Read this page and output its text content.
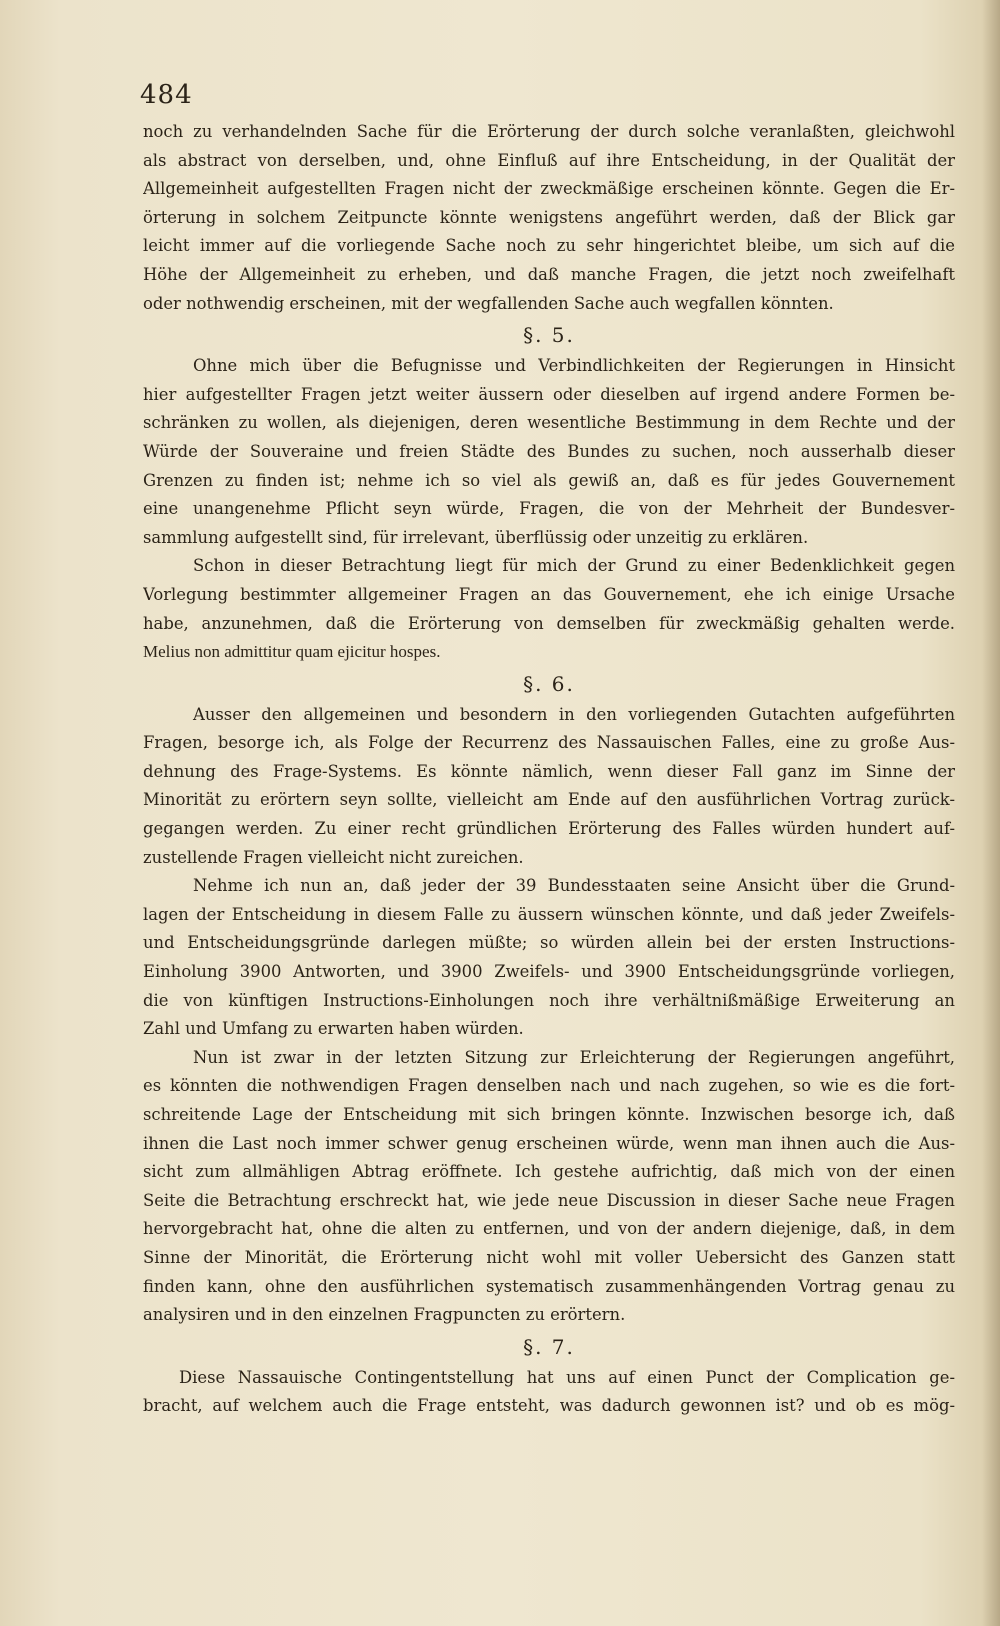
484
noch zu verhandelnden Sache für die Erörterung der durch solche veranlaßten, gleichwohl
als abstract von derselben, und, ohne Einfluß auf ihre Entscheidung, in der Qualität der
Allgemeinheit aufgestellten Fragen nicht der zweckmäßige erscheinen könnte. Gegen die Er-
örterung in solchem Zeitpuncte könnte wenigstens angeführt werden, daß der Blick gar
leicht immer auf die vorliegende Sache noch zu sehr hingerichtet bleibe, um sich auf die
Höhe der Allgemeinheit zu erheben, und daß manche Fragen, die jetzt noch zweifelhaft
oder nothwendig erscheinen, mit der wegfallenden Sache auch wegfallen könnten.
§. 5.
Ohne mich über die Befugnisse und Verbindlichkeiten der Regierungen in Hinsicht
hier aufgestellter Fragen jetzt weiter äussern oder dieselben auf irgend andere Formen be-
schränken zu wollen, als diejenigen, deren wesentliche Bestimmung in dem Rechte und der
Würde der Souveraine und freien Städte des Bundes zu suchen, noch ausserhalb dieser
Grenzen zu finden ist; nehme ich so viel als gewiß an, daß es für jedes Gouvernement
eine unangenehme Pflicht seyn würde, Fragen, die von der Mehrheit der Bundesver-
sammlung aufgestellt sind, für irrelevant, überflüssig oder unzeitig zu erklären.
Schon in dieser Betrachtung liegt für mich der Grund zu einer Bedenklichkeit gegen
Vorlegung bestimmter allgemeiner Fragen an das Gouvernement, ehe ich einige Ursache
habe, anzunehmen, daß die Erörterung von demselben für zweckmäßig gehalten werde.
Melius non admittitur quam ejicitur hospes.
§. 6.
Ausser den allgemeinen und besondern in den vorliegenden Gutachten aufgeführten
Fragen, besorge ich, als Folge der Recurrenz des Nassauischen Falles, eine zu große Aus-
dehnung des Frage-Systems. Es könnte nämlich, wenn dieser Fall ganz im Sinne der
Minorität zu erörtern seyn sollte, vielleicht am Ende auf den ausführlichen Vortrag zurück-
gegangen werden. Zu einer recht gründlichen Erörterung des Falles würden hundert auf-
zustellende Fragen vielleicht nicht zureichen.
Nehme ich nun an, daß jeder der 39 Bundesstaaten seine Ansicht über die Grund-
lagen der Entscheidung in diesem Falle zu äussern wünschen könnte, und daß jeder Zweifels-
und Entscheidungsgründe darlegen müßte; so würden allein bei der ersten Instructions-
Einholung 3900 Antworten, und 3900 Zweifels- und 3900 Entscheidungsgründe vorliegen,
die von künftigen Instructions-Einholungen noch ihre verhältnißmäßige Erweiterung an
Zahl und Umfang zu erwarten haben würden.
Nun ist zwar in der letzten Sitzung zur Erleichterung der Regierungen angeführt,
es könnten die nothwendigen Fragen denselben nach und nach zugehen, so wie es die fort-
schreitende Lage der Entscheidung mit sich bringen könnte. Inzwischen besorge ich, daß
ihnen die Last noch immer schwer genug erscheinen würde, wenn man ihnen auch die Aus-
sicht zum allmähligen Abtrag eröffnete. Ich gestehe aufrichtig, daß mich von der einen
Seite die Betrachtung erschreckt hat, wie jede neue Discussion in dieser Sache neue Fragen
hervorgebracht hat, ohne die alten zu entfernen, und von der andern diejenige, daß, in dem
Sinne der Minorität, die Erörterung nicht wohl mit voller Uebersicht des Ganzen statt
finden kann, ohne den ausführlichen systematisch zusammenhängenden Vortrag genau zu
analysiren und in den einzelnen Fragpuncten zu erörtern.
§. 7.
Diese Nassauische Contingentstellung hat uns auf einen Punct der Complication ge-
bracht, auf welchem auch die Frage entsteht, was dadurch gewonnen ist? und ob es mög-
